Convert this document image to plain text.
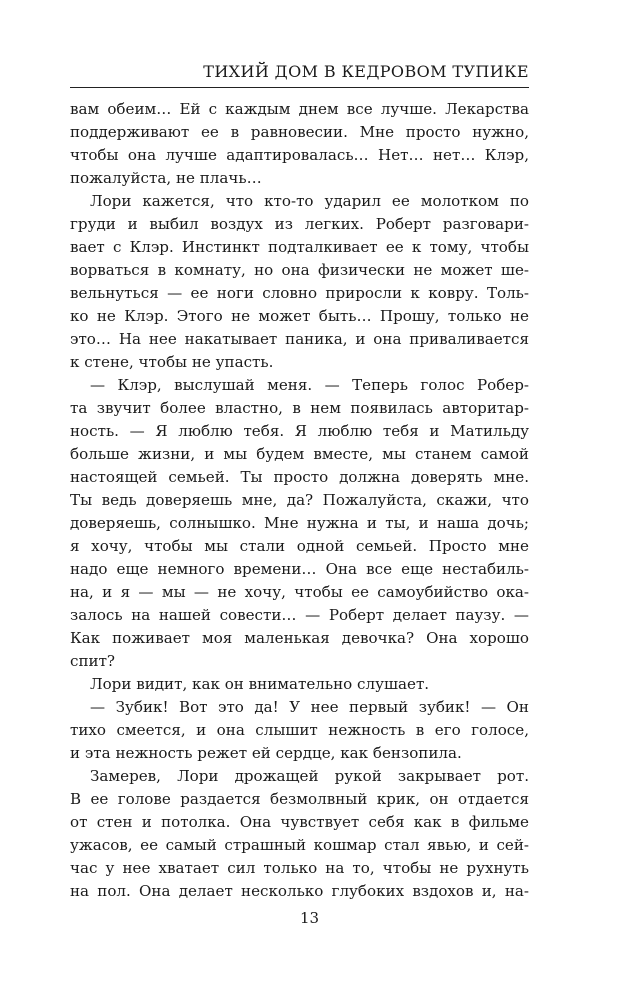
ТИХИЙ ДОМ В КЕДРОВОМ ТУПИКЕ
вам обеим… Ей с каждым днем все лучше. Лекарства
поддерживают ее в равновесии. Мне просто нужно,
чтобы она лучше адаптировалась… Нет… нет… Клэр,
пожалуйста, не плачь…
Лори кажется, что кто-то ударил ее молотком по
груди и выбил воздух из легких. Роберт разговари-
вает с Клэр. Инстинкт подталкивает ее к тому, чтобы
ворваться в комнату, но она физически не может ше-
вельнуться — ее ноги словно приросли к ковру. Толь-
ко не Клэр. Этого не может быть… Прошу, только не
это… На нее накатывает паника, и она приваливается
к стене, чтобы не упасть.
— Клэр, выслушай меня. — Теперь голос Робер-
та звучит более властно, в нем появилась авторитар-
ность. — Я люблю тебя. Я люблю тебя и Матильду
больше жизни, и мы будем вместе, мы станем самой
настоящей семьей. Ты просто должна доверять мне.
Ты ведь доверяешь мне, да? Пожалуйста, скажи, что
доверяешь, солнышко. Мне нужна и ты, и наша дочь;
я хочу, чтобы мы стали одной семьей. Просто мне
надо еще немного времени… Она все еще нестабиль-
на, и я — мы — не хочу, чтобы ее самоубийство ока-
залось на нашей совести… — Роберт делает паузу. —
Как поживает моя маленькая девочка? Она хорошо
спит?
Лори видит, как он внимательно слушает.
— Зубик! Вот это да! У нее первый зубик! — Он
тихо смеется, и она слышит нежность в его голосе,
и эта нежность режет ей сердце, как бензопила.
Замерев, Лори дрожащей рукой закрывает рот.
В ее голове раздается безмолвный крик, он отдается
от стен и потолка. Она чувствует себя как в фильме
ужасов, ее самый страшный кошмар стал явью, и сей-
час у нее хватает сил только на то, чтобы не рухнуть
на пол. Она делает несколько глубоких вздохов и, на-
13
